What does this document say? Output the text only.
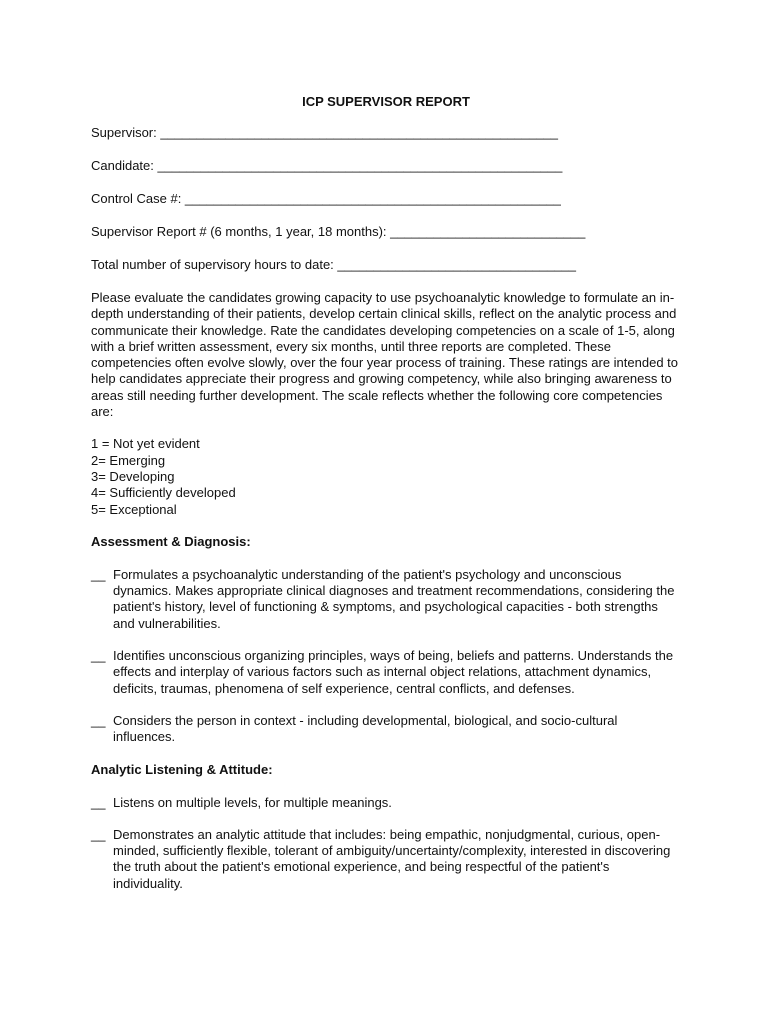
ICP SUPERVISOR REPORT
Supervisor: _______________________________________________________
Candidate: ________________________________________________________
Control Case #: ____________________________________________________
Supervisor Report # (6 months, 1 year, 18 months): ___________________________
Total number of supervisory hours to date: _________________________________
Please evaluate the candidates growing capacity to use psychoanalytic knowledge to formulate an in-depth understanding of their patients, develop certain clinical skills, reflect on the analytic process and communicate their knowledge. Rate the candidates developing competencies on a scale of 1-5, along with a brief written assessment, every six months, until three reports are completed. These competencies often evolve slowly, over the four year process of training. These ratings are intended to help candidates appreciate their progress and growing competency, while also bringing awareness to areas still needing further development. The scale reflects whether the following core competencies are:
1 = Not yet evident
2= Emerging
3= Developing
4= Sufficiently developed
5= Exceptional
Assessment & Diagnosis:
__ Formulates a psychoanalytic understanding of the patient's psychology and unconscious dynamics. Makes appropriate clinical diagnoses and treatment recommendations, considering the patient's history, level of functioning & symptoms, and psychological capacities - both strengths and vulnerabilities.
__ Identifies unconscious organizing principles, ways of being, beliefs and patterns. Understands the effects and interplay of various factors such as internal object relations, attachment dynamics, deficits, traumas, phenomena of self experience, central conflicts, and defenses.
__ Considers the person in context - including developmental, biological, and socio-cultural influences.
Analytic Listening & Attitude:
__ Listens on multiple levels, for multiple meanings.
__ Demonstrates an analytic attitude that includes: being empathic, nonjudgmental, curious, open-minded, sufficiently flexible, tolerant of ambiguity/uncertainty/complexity, interested in discovering the truth about the patient's emotional experience, and being respectful of the patient's individuality.
